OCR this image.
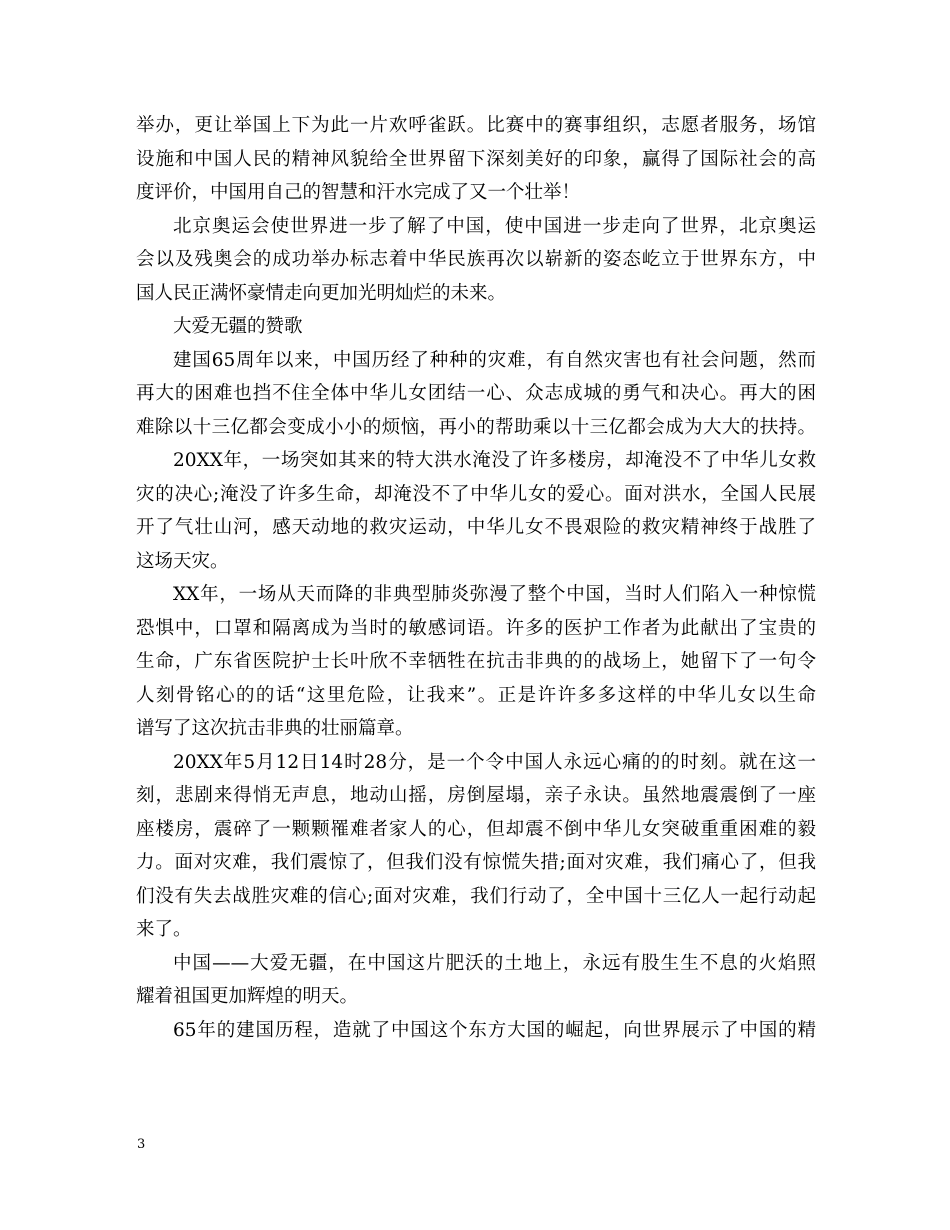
举办，更让举国上下为此一片欢呼雀跃。比赛中的赛事组织，志愿者服务，场馆
设施和中国人民的精神风貌给全世界留下深刻美好的印象，赢得了国际社会的高
度评价，中国用自己的智慧和汗水完成了又一个壮举！
北京奥运会使世界进一步了解了中国，使中国进一步走向了世界，北京奥运
会以及残奥会的成功举办标志着中华民族再次以崭新的姿态屹立于世界东方，中
国人民正满怀豪情走向更加光明灿烂的未来。
大爱无疆的赞歌
建国65周年以来，中国历经了种种的灾难，有自然灾害也有社会问题，然而
再大的困难也挡不住全体中华儿女团结一心、众志成城的勇气和决心。再大的困
难除以十三亿都会变成小小的烦恼，再小的帮助乘以十三亿都会成为大大的扶持。
20XX年，一场突如其来的特大洪水淹没了许多楼房，却淹没不了中华儿女救
灾的决心;淹没了许多生命，却淹没不了中华儿女的爱心。面对洪水，全国人民展
开了气壮山河，感天动地的救灾运动，中华儿女不畏艰险的救灾精神终于战胜了
这场天灾。
XX年，一场从天而降的非典型肺炎弥漫了整个中国，当时人们陷入一种惊慌
恐惧中，口罩和隔离成为当时的敏感词语。许多的医护工作者为此献出了宝贵的
生命，广东省医院护士长叶欣不幸牺牲在抗击非典的的战场上，她留下了一句令
人刻骨铭心的的话“这里危险，让我来”。正是许许多多这样的中华儿女以生命
谱写了这次抗击非典的壮丽篇章。
20XX年5月12日14时28分，是一个令中国人永远心痛的的时刻。就在这一
刻，悲剧来得悄无声息，地动山摇，房倒屋塌，亲子永诀。虽然地震震倒了一座
座楼房，震碎了一颗颗罹难者家人的心，但却震不倒中华儿女突破重重困难的毅
力。面对灾难，我们震惊了，但我们没有惊慌失措;面对灾难，我们痛心了，但我
们没有失去战胜灾难的信心;面对灾难，我们行动了，全中国十三亿人一起行动起
来了。
中国——大爱无疆，在中国这片肥沃的土地上，永远有股生生不息的火焰照
耀着祖国更加辉煌的明天。
65年的建国历程，造就了中国这个东方大国的崛起，向世界展示了中国的精
3
